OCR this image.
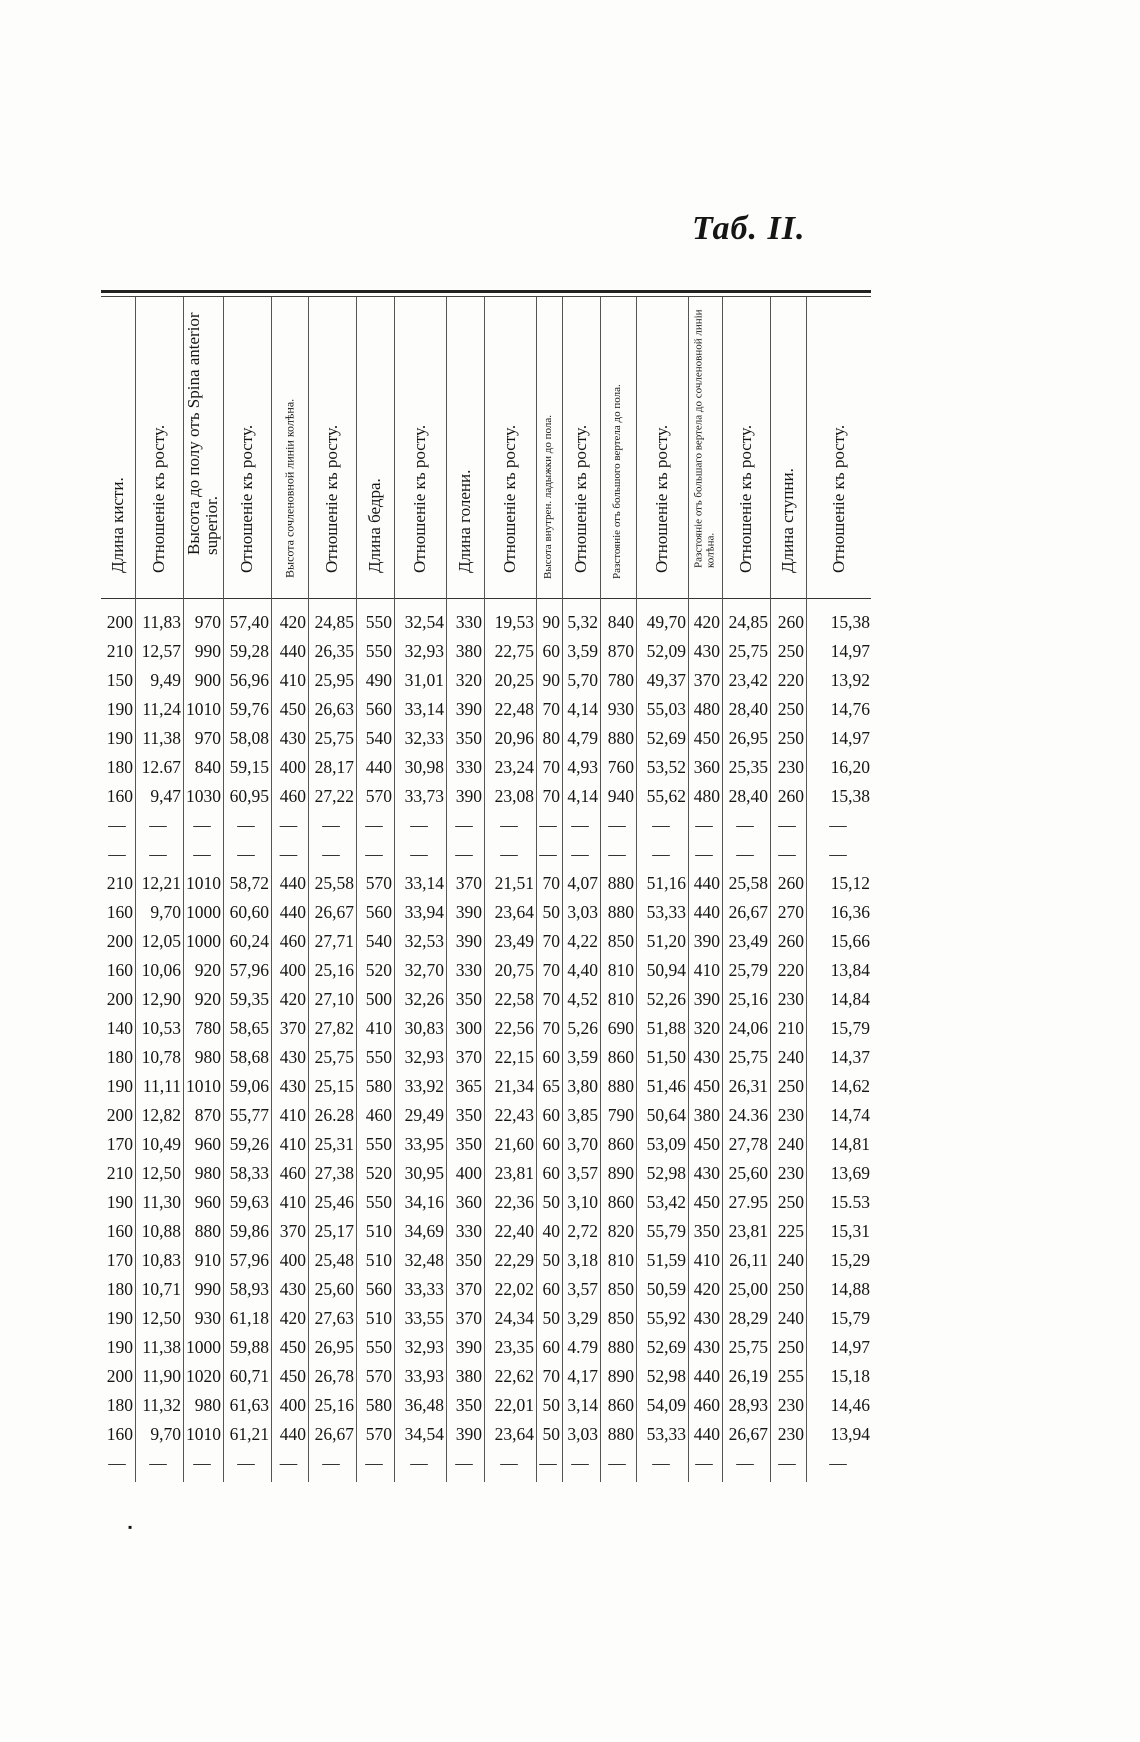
Таб. II.
Длина кисти. Отношеніе къ росту. Высота до полу отъ Spina anterior superior. Отношеніе къ росту. Высота сочленовной линіи колѣна. Отношеніе къ росту. Длина бедра. Отношеніе къ росту. Длина голени. Отношеніе къ росту. Высота внутрен. ладыжки до пола. Отношеніе къ росту. Разстояніе отъ большого вертела до пола. Отношеніе къ росту. Разстояніе отъ большаго вертела до сочленовной линіи колѣна. Отношеніе къ росту. Длина ступни. Отношеніе къ росту.
200 11,83 970 57,40 420 24,85 550 32,54 330 19,53 90 5,32 840 49,70 420 24,85 260	15,38
210 12,57 990 59,28 440 26,35 550 32,93 380 22,75 60 3,59 870 52,09 430 25,75 250	14,97
150 9,49 900 56,96 410 25,95 490 31,01 320 20,25 90 5,70 780 49,37 370 23,42 220	13,92
190 11,24 1010 59,76 450 26,63 560 33,14 390 22,48 70 4,14 930 55,03 480 28,40 250	14,76
190 11,38 970 58,08 430 25,75 540 32,33 350 20,96 80 4,79 880 52,69 450 26,95 250	14,97
180 12.67 840 59,15 400 28,17 440 30,98 330 23,24 70 4,93 760 53,52 360 25,35 230	16,20
160 9,47 1030 60,95 460 27,22 570 33,73 390 23,08 70 4,14 940 55,62 480 28,40 260	15,38
—	—	—	—	—	—	—	—	—	—	— —	—	—	—	—	—	—
—	—	—	—	—	—	—	—	—	—	— —	—	—	—	—	—	—
210 12,21 1010 58,72 440 25,58 570 33,14 370 21,51 70 4,07 880 51,16 440 25,58 260	15,12
160 9,70 1000 60,60 440 26,67 560 33,94 390 23,64 50 3,03 880 53,33 440 26,67 270	16,36
200 12,05 1000 60,24 460 27,71 540 32,53 390 23,49 70 4,22 850 51,20 390 23,49 260	15,66
160 10,06 920 57,96 400 25,16 520 32,70 330 20,75 70 4,40 810 50,94 410 25,79 220	13,84
200 12,90 920 59,35 420 27,10 500 32,26 350 22,58 70 4,52 810 52,26 390 25,16 230	14,84
140 10,53 780 58,65 370 27,82 410 30,83 300 22,56 70 5,26 690 51,88 320 24,06 210	15,79
180 10,78 980 58,68 430 25,75 550 32,93 370 22,15 60 3,59 860 51,50 430 25,75 240	14,37
190 11,11 1010 59,06 430 25,15 580 33,92 365 21,34 65 3,80 880 51,46 450 26,31 250	14,62
200 12,82 870 55,77 410 26.28 460 29,49 350 22,43 60 3,85 790 50,64 380 24.36 230	14,74
170 10,49 960 59,26 410 25,31 550 33,95 350 21,60 60 3,70 860 53,09 450 27,78 240	14,81
210 12,50 980 58,33 460 27,38 520 30,95 400 23,81 60 3,57 890 52,98 430 25,60 230	13,69
190 11,30 960 59,63 410 25,46 550 34,16 360 22,36 50 3,10 860 53,42 450 27.95 250	15.53
160 10,88 880 59,86 370 25,17 510 34,69 330 22,40 40 2,72 820 55,79 350 23,81 225	15,31
170 10,83 910 57,96 400 25,48 510 32,48 350 22,29 50 3,18 810 51,59 410 26,11 240	15,29
180 10,71 990 58,93 430 25,60 560 33,33 370 22,02 60 3,57 850 50,59 420 25,00 250	14,88
190 12,50 930 61,18 420 27,63 510 33,55 370 24,34 50 3,29 850 55,92 430 28,29 240	15,79
190 11,38 1000 59,88 450 26,95 550 32,93 390 23,35 60 4.79 880 52,69 430 25,75 250	14,97
200 11,90 1020 60,71 450 26,78 570 33,93 380 22,62 70 4,17 890 52,98 440 26,19 255	15,18
180 11,32 980 61,63 400 25,16 580 36,48 350 22,01 50 3,14 860 54,09 460 28,93 230	14,46
160 9,70 1010 61,21 440 26,67 570 34,54 390 23,64 50 3,03 880 53,33 440 26,67 230	13,94
—	—	—	—	—	—	—	—	—	—	— —	—	—	—	—	—	—
▪
